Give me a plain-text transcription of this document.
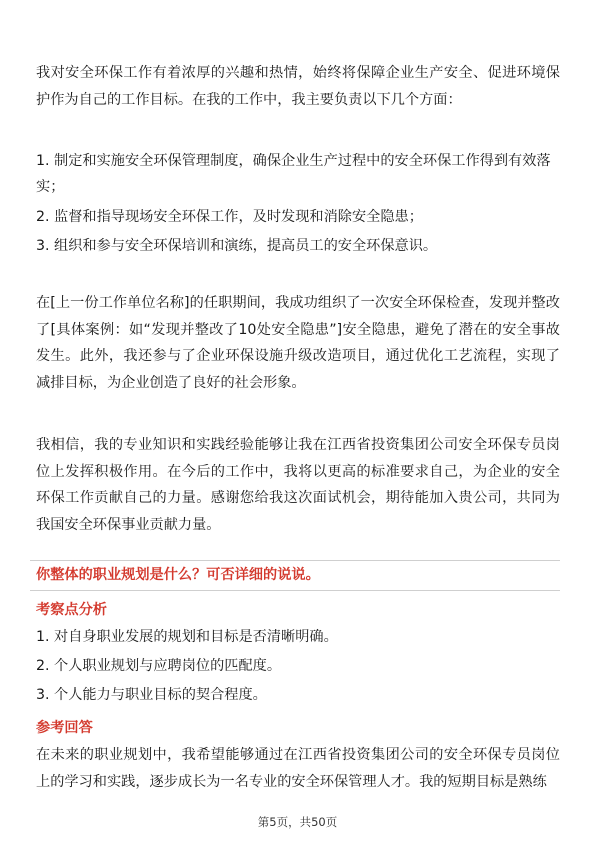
我对安全环保工作有着浓厚的兴趣和热情，始终将保障企业生产安全、促进环境保护作为自己的工作目标。在我的工作中，我主要负责以下几个方面：

1. 制定和实施安全环保管理制度，确保企业生产过程中的安全环保工作得到有效落实；

2. 监督和指导现场安全环保工作，及时发现和消除安全隐患；

3. 组织和参与安全环保培训和演练，提高员工的安全环保意识。

在[上一份工作单位名称]的任职期间，我成功组织了一次安全环保检查，发现并整改了[具体案例：如“发现并整改了10处安全隐患”]安全隐患，避免了潜在的安全事故发生。此外，我还参与了企业环保设施升级改造项目，通过优化工艺流程，实现了减排目标，为企业创造了良好的社会形象。

我相信，我的专业知识和实践经验能够让我在江西省投资集团公司安全环保专员岗位上发挥积极作用。在今后的工作中，我将以更高的标准要求自己，为企业的安全环保工作贡献自己的力量。感谢您给我这次面试机会，期待能加入贵公司，共同为我国安全环保事业贡献力量。

你整体的职业规划是什么？可否详细的说说。

考察点分析

1. 对自身职业发展的规划和目标是否清晰明确。

2. 个人职业规划与应聘岗位的匹配度。

3. 个人能力与职业目标的契合程度。

参考回答

在未来的职业规划中，我希望能够通过在江西省投资集团公司的安全环保专员岗位上的学习和实践，逐步成长为一名专业的安全环保管理人才。我的短期目标是熟练

第5页，共50页
